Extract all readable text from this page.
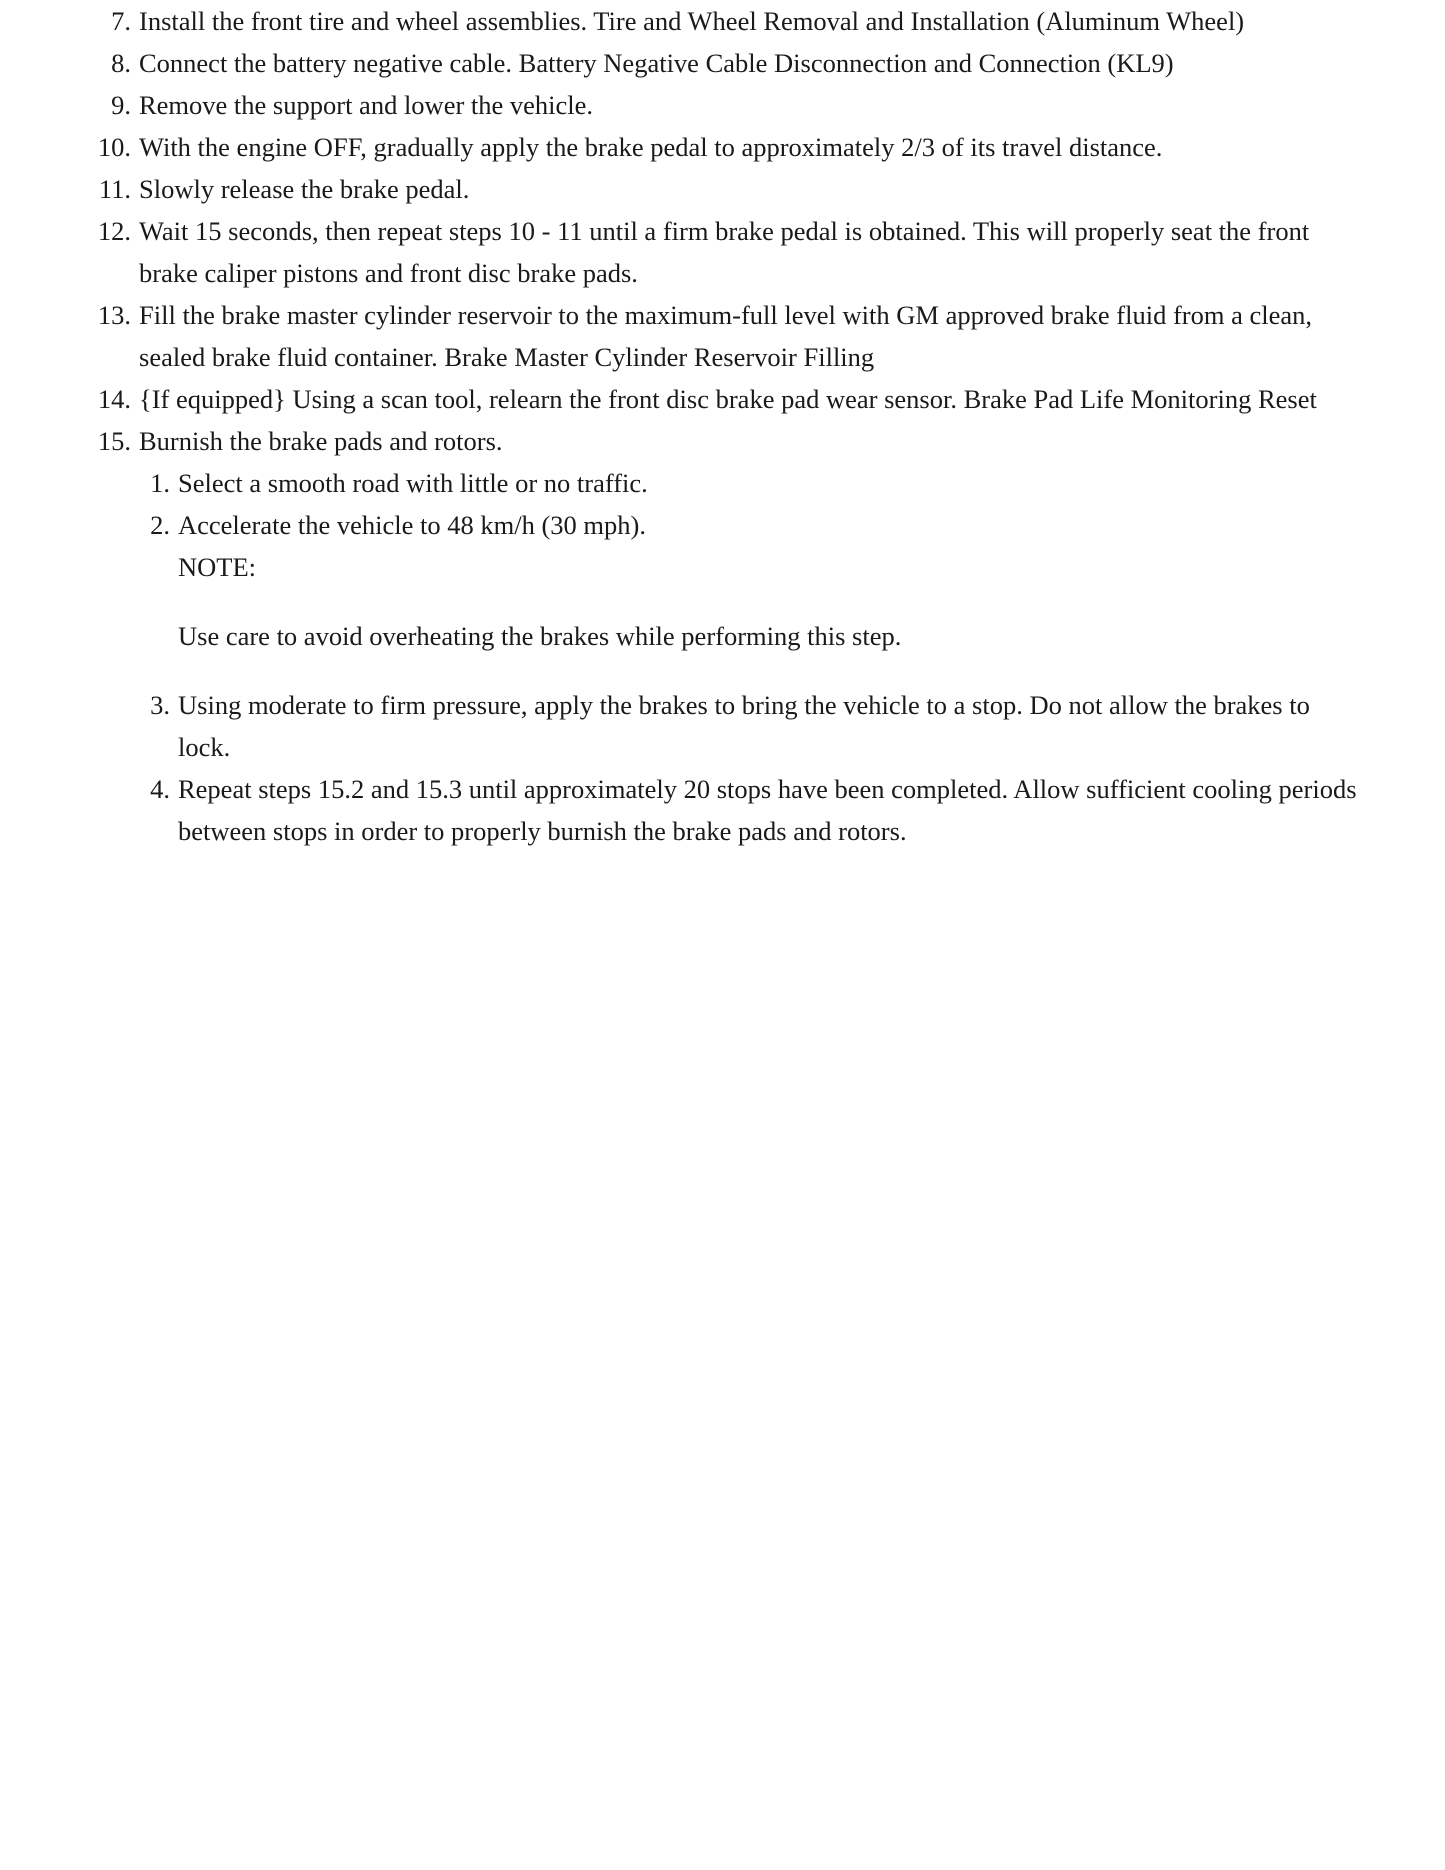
7. Install the front tire and wheel assemblies. Tire and Wheel Removal and Installation (Aluminum Wheel)
8. Connect the battery negative cable. Battery Negative Cable Disconnection and Connection (KL9)
9. Remove the support and lower the vehicle.
10. With the engine OFF, gradually apply the brake pedal to approximately 2/3 of its travel distance.
11. Slowly release the brake pedal.
12. Wait 15 seconds, then repeat steps 10 - 11 until a firm brake pedal is obtained. This will properly seat the front brake caliper pistons and front disc brake pads.
13. Fill the brake master cylinder reservoir to the maximum-full level with GM approved brake fluid from a clean, sealed brake fluid container. Brake Master Cylinder Reservoir Filling
14. {If equipped} Using a scan tool, relearn the front disc brake pad wear sensor. Brake Pad Life Monitoring Reset
15. Burnish the brake pads and rotors.
1. Select a smooth road with little or no traffic.
2. Accelerate the vehicle to 48 km/h (30 mph).
NOTE:
Use care to avoid overheating the brakes while performing this step.
3. Using moderate to firm pressure, apply the brakes to bring the vehicle to a stop. Do not allow the brakes to lock.
4. Repeat steps 15.2 and 15.3 until approximately 20 stops have been completed. Allow sufficient cooling periods between stops in order to properly burnish the brake pads and rotors.
